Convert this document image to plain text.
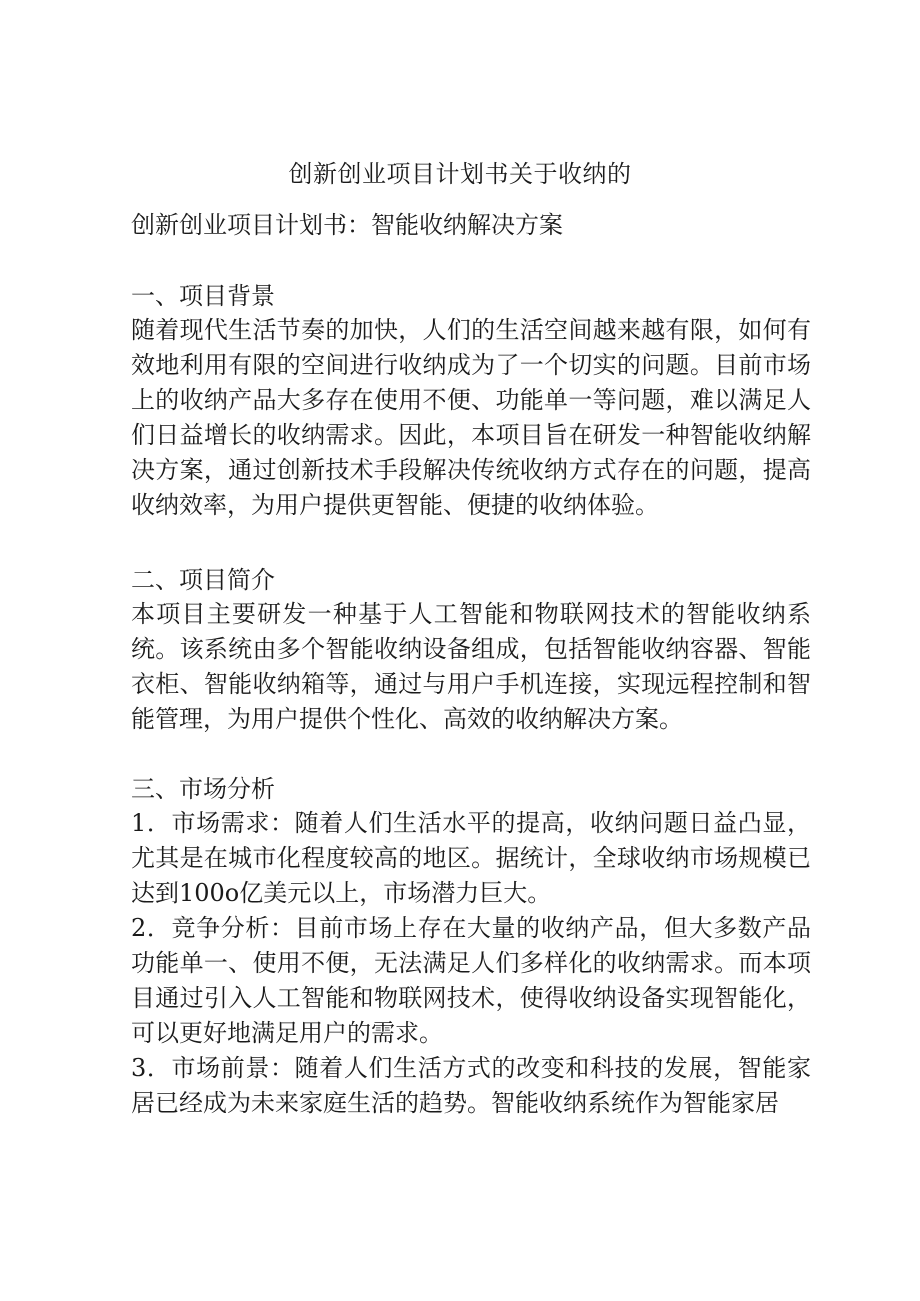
创新创业项目计划书关于收纳的
创新创业项目计划书：智能收纳解决方案
一、项目背景

随着现代生活节奏的加快，人们的生活空间越来越有限，如何有效地利用有限的空间进行收纳成为了一个切实的问题。目前市场上的收纳产品大多存在使用不便、功能单一等问题，难以满足人们日益增长的收纳需求。因此，本项目旨在研发一种智能收纳解决方案，通过创新技术手段解决传统收纳方式存在的问题，提高收纳效率，为用户提供更智能、便捷的收纳体验。

二、项目简介

本项目主要研发一种基于人工智能和物联网技术的智能收纳系统。该系统由多个智能收纳设备组成，包括智能收纳容器、智能衣柜、智能收纳箱等，通过与用户手机连接，实现远程控制和智能管理，为用户提供个性化、高效的收纳解决方案。

三、市场分析

1．市场需求：随着人们生活水平的提高，收纳问题日益凸显，尤其是在城市化程度较高的地区。据统计，全球收纳市场规模已达到100o亿美元以上，市场潜力巨大。

2．竞争分析：目前市场上存在大量的收纳产品，但大多数产品功能单一、使用不便，无法满足人们多样化的收纳需求。而本项目通过引入人工智能和物联网技术，使得收纳设备实现智能化，可以更好地满足用户的需求。

3．市场前景：随着人们生活方式的改变和科技的发展，智能家居已经成为未来家庭生活的趋势。智能收纳系统作为智能家居
